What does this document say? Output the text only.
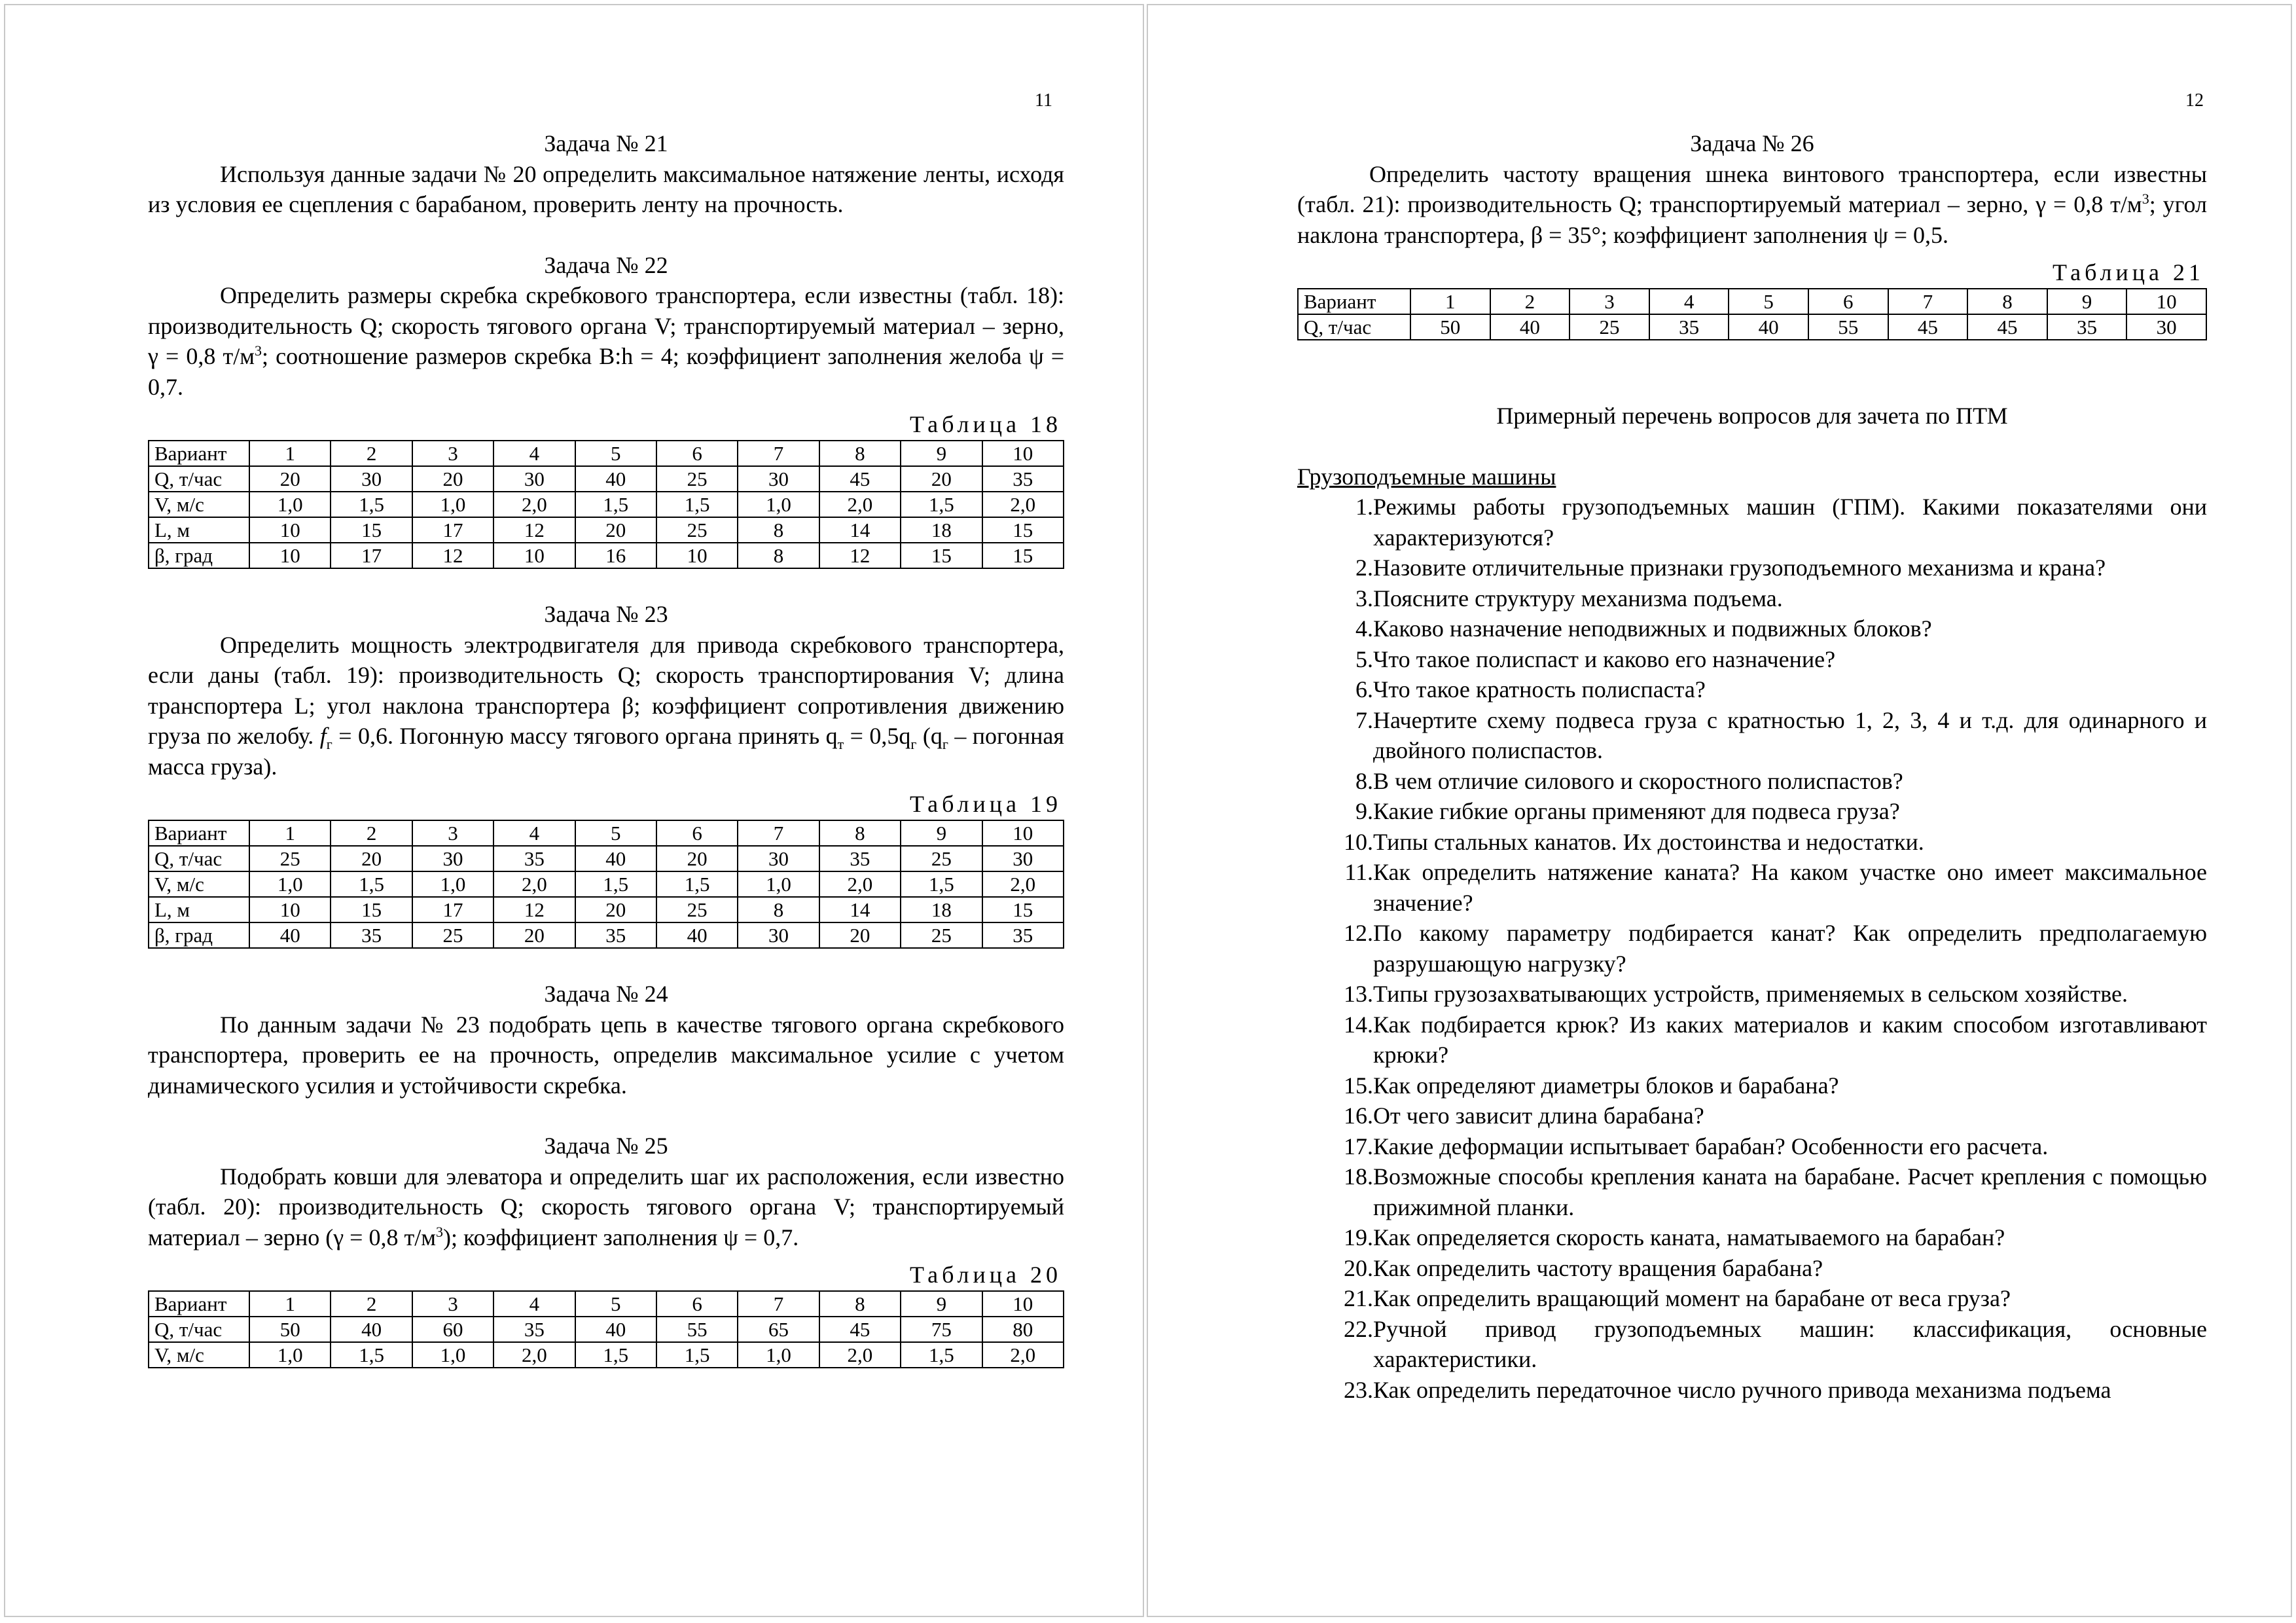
11

Задача № 21

Используя данные задачи № 20 определить максимальное натяжение ленты, исходя из условия ее сцепления с барабаном, проверить ленту на прочность.

Задача № 22

Определить размеры скребка скребкового транспортера, если известны (табл. 18): производительность Q; скорость тягового органа V; транспортируемый материал – зерно, γ = 0,8 $т/м^3$; соотношение размеров скребка В:h = 4; коэффициент заполнения желоба ψ = 0,7.

Таблица 18

Вариант	1	2	3	4	5	6	7	8	9	10
Q, т/час	20	30	20	30	40	25	30	45	20	35
V, м/с	1,0	1,5	1,0	2,0	1,5	1,5	1,0	2,0	1,5	2,0
L, м	10	15	17	12	20	25	8	14	18	15
β, град	10	17	12	10	16	10	8	12	15	15

Задача № 23

Определить мощность электродвигателя для привода скребкового транспортера, если даны (табл. 19): производительность Q; скорость транспортирования V; длина транспортера L; угол наклона транспортера β; коэффициент сопротивления движению груза по желобу. $f_г = 0,6$. Погонную массу тягового органа принять $q_т = 0,5q_г$ ($q_г$ – погонная масса груза).

Таблица 19

Вариант	1	2	3	4	5	6	7	8	9	10
Q, т/час	25	20	30	35	40	20	30	35	25	30
V, м/с	1,0	1,5	1,0	2,0	1,5	1,5	1,0	2,0	1,5	2,0
L, м	10	15	17	12	20	25	8	14	18	15
β, град	40	35	25	20	35	40	30	20	25	35

Задача № 24

По данным задачи № 23 подобрать цепь в качестве тягового органа скребкового транспортера, проверить ее на прочность, определив максимальное усилие с учетом динамического усилия и устойчивости скребка.

Задача № 25

Подобрать ковши для элеватора и определить шаг их расположения, если известно (табл. 20): производительность Q; скорость тягового органа V; транспортируемый материал – зерно (γ = 0,8 $т/м^3$); коэффициент заполнения ψ = 0,7.

Таблица 20

Вариант	1	2	3	4	5	6	7	8	9	10
Q, т/час	50	40	60	35	40	55	65	45	75	80
V, м/с	1,0	1,5	1,0	2,0	1,5	1,5	1,0	2,0	1,5	2,0
12

Задача № 26

Определить частоту вращения шнека винтового транспортера, если известны (табл. 21): производительность Q; транспортируемый материал – зерно, γ = 0,8 $т/м^3$; угол наклона транспортера, β = 35°; коэффициент заполнения ψ = 0,5.

Таблица 21

Вариант	1	2	3	4	5	6	7	8	9	10
Q, т/час	50	40	25	35	40	55	45	45	35	30

Примерный перечень вопросов для зачета по ПТМ

Грузоподъемные машины

1. Режимы работы грузоподъемных машин (ГПМ). Какими показателями они характеризуются?
2. Назовите отличительные признаки грузоподъемного механизма и крана?
3. Поясните структуру механизма подъема.
4. Каково назначение неподвижных и подвижных блоков?
5. Что такое полиспаст и каково его назначение?
6. Что такое кратность полиспаста?
7. Начертите схему подвеса груза с кратностью 1, 2, 3, 4 и т.д. для одинарного и двойного полиспастов.
8. В чем отличие силового и скоростного полиспастов?
9. Какие гибкие органы применяют для подвеса груза?
10. Типы стальных канатов. Их достоинства и недостатки.
11. Как определить натяжение каната? На каком участке оно имеет максимальное значение?
12. По какому параметру подбирается канат? Как определить предполагаемую разрушающую нагрузку?
13. Типы грузозахватывающих устройств, применяемых в сельском хозяйстве.
14. Как подбирается крюк? Из каких материалов и каким способом изготавливают крюки?
15. Как определяют диаметры блоков и барабана?
16. От чего зависит длина барабана?
17. Какие деформации испытывает барабан? Особенности его расчета.
18. Возможные способы крепления каната на барабане. Расчет крепления с помощью прижимной планки.
19. Как определяется скорость каната, наматываемого на барабан?
20. Как определить частоту вращения барабана?
21. Как определить вращающий момент на барабане от веса груза?
22. Ручной привод грузоподъемных машин: классификация, основные характеристики.
23. Как определить передаточное число ручного привода механизма подъема
